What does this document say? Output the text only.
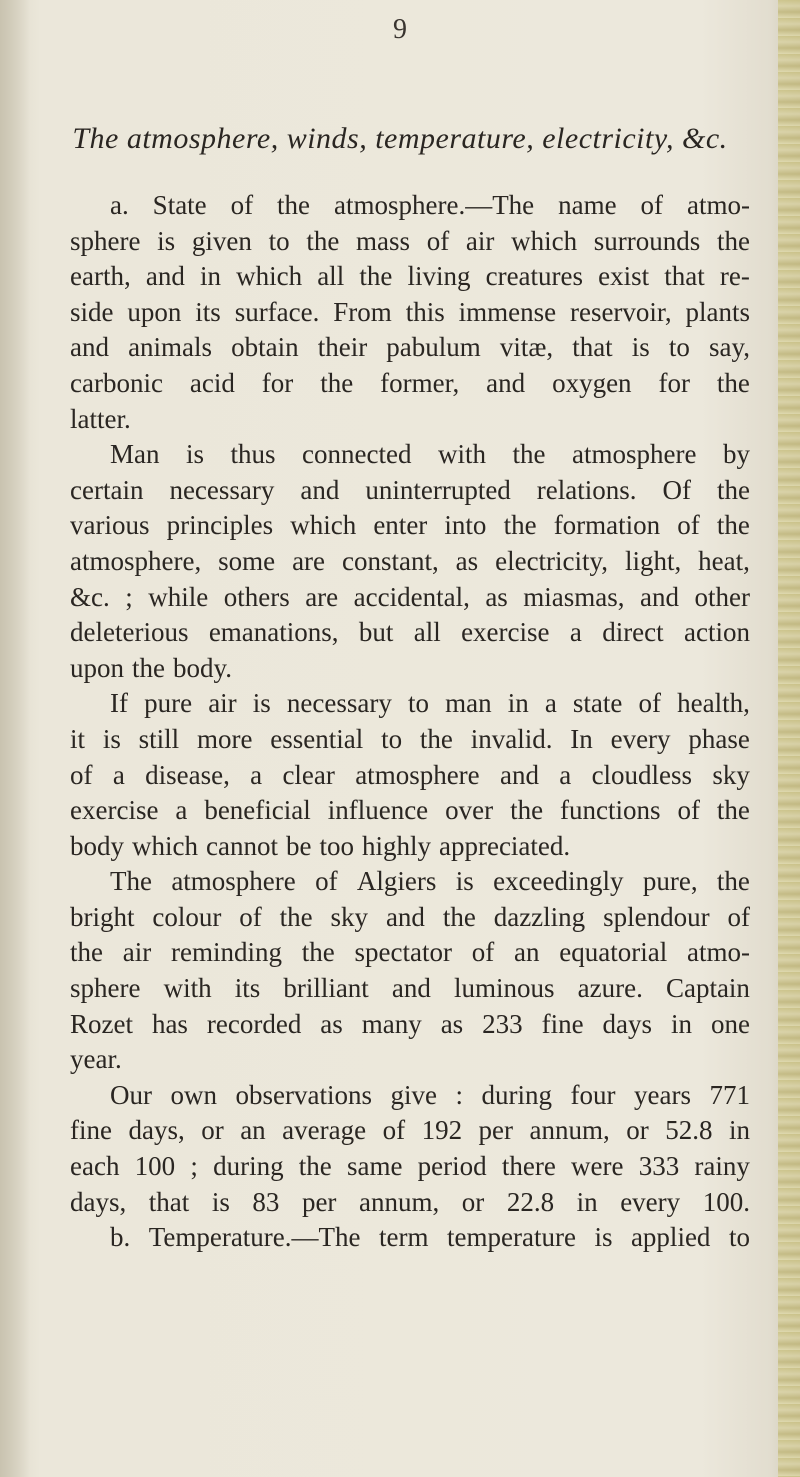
9
The atmosphere, winds, temperature, electricity, &c.
a. State of the atmosphere.—The name of atmo-
sphere is given to the mass of air which surrounds the
earth, and in which all the living creatures exist that re-
side upon its surface. From this immense reservoir, plants
and animals obtain their pabulum vitæ, that is to say,
carbonic acid for the former, and oxygen for the
latter.
Man is thus connected with the atmosphere by
certain necessary and uninterrupted relations. Of the
various principles which enter into the formation of the
atmosphere, some are constant, as electricity, light, heat,
&c. ; while others are accidental, as miasmas, and other
deleterious emanations, but all exercise a direct action
upon the body.
If pure air is necessary to man in a state of health,
it is still more essential to the invalid. In every phase
of a disease, a clear atmosphere and a cloudless sky
exercise a beneficial influence over the functions of the
body which cannot be too highly appreciated.
The atmosphere of Algiers is exceedingly pure, the
bright colour of the sky and the dazzling splendour of
the air reminding the spectator of an equatorial atmo-
sphere with its brilliant and luminous azure. Captain
Rozet has recorded as many as 233 fine days in one
year.
Our own observations give : during four years 771
fine days, or an average of 192 per annum, or 52.8 in
each 100 ; during the same period there were 333 rainy
days, that is 83 per annum, or 22.8 in every 100.
b. Temperature.—The term temperature is applied to
